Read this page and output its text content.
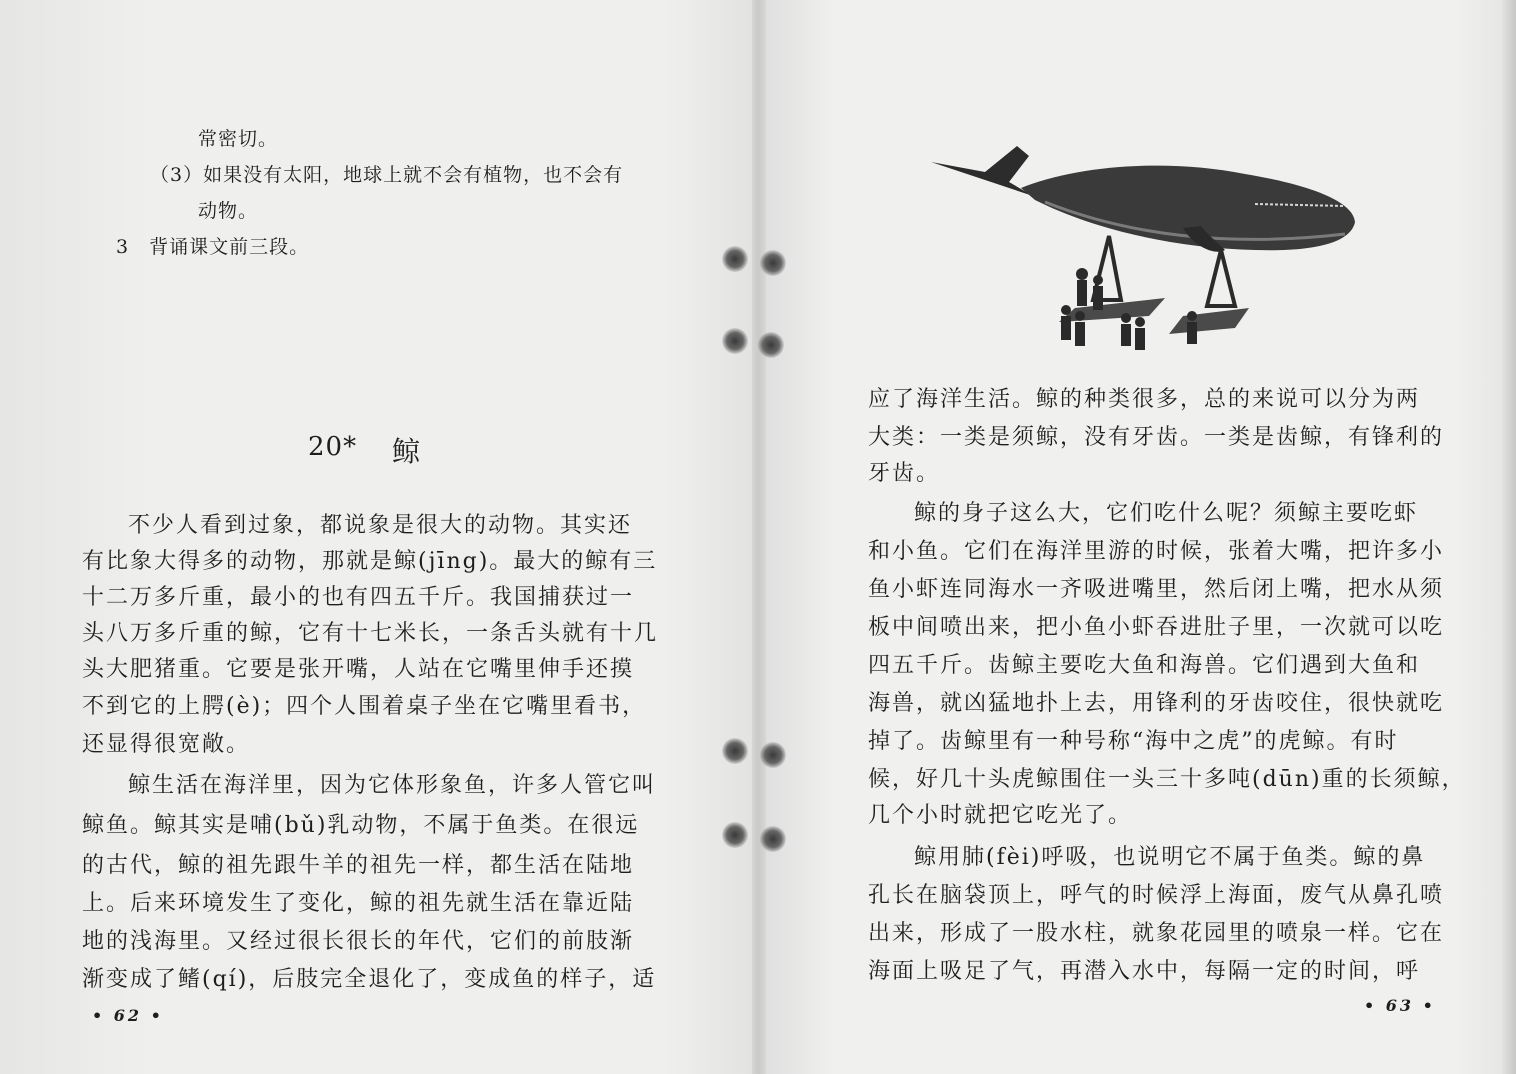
常密切。
（3）如果没有太阳，地球上就不会有植物，也不会有
动物。
3　背诵课文前三段。
20* 鲸
不少人看到过象，都说象是很大的动物。其实还
有比象大得多的动物，那就是鲸(jīng)。最大的鲸有三
十二万多斤重，最小的也有四五千斤。我国捕获过一
头八万多斤重的鲸，它有十七米长，一条舌头就有十几
头大肥猪重。它要是张开嘴，人站在它嘴里伸手还摸
不到它的上腭(è)；四个人围着桌子坐在它嘴里看书，
还显得很宽敞。
鲸生活在海洋里，因为它体形象鱼，许多人管它叫
鲸鱼。鲸其实是哺(bǔ)乳动物，不属于鱼类。在很远
的古代，鲸的祖先跟牛羊的祖先一样，都生活在陆地
上。后来环境发生了变化，鲸的祖先就生活在靠近陆
地的浅海里。又经过很长很长的年代，它们的前肢渐
渐变成了鳍(qí)，后肢完全退化了，变成鱼的样子，适
• 62 •
应了海洋生活。鲸的种类很多，总的来说可以分为两
大类：一类是须鲸，没有牙齿。一类是齿鲸，有锋利的
牙齿。
鲸的身子这么大，它们吃什么呢？须鲸主要吃虾
和小鱼。它们在海洋里游的时候，张着大嘴，把许多小
鱼小虾连同海水一齐吸进嘴里，然后闭上嘴，把水从须
板中间喷出来，把小鱼小虾吞进肚子里，一次就可以吃
四五千斤。齿鲸主要吃大鱼和海兽。它们遇到大鱼和
海兽，就凶猛地扑上去，用锋利的牙齿咬住，很快就吃
掉了。齿鲸里有一种号称“海中之虎”的虎鲸。有时
候，好几十头虎鲸围住一头三十多吨(dūn)重的长须鲸，
几个小时就把它吃光了。
鲸用肺(fèi)呼吸，也说明它不属于鱼类。鲸的鼻
孔长在脑袋顶上，呼气的时候浮上海面，废气从鼻孔喷
出来，形成了一股水柱，就象花园里的喷泉一样。它在
海面上吸足了气，再潜入水中，每隔一定的时间，呼
• 63 •
